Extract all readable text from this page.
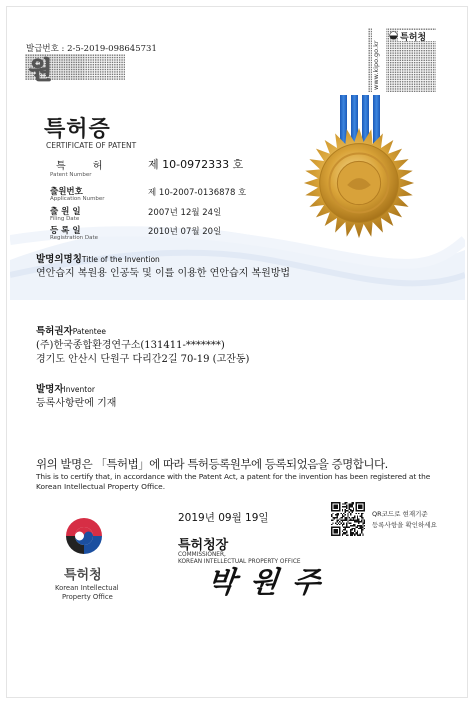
발급번호 : 2-5-2019-098645731
원	www.kipo.go.kr
특허청
특허증
CERTIFICATE OF PATENT
특 허	제 10-0972333 호
Patent Number
출원번호	제 10-2007-0136878 호
Application Number
출 원 일	2007년 12월 24일
Filing Date
등 록 일	2010년 07월 20일
Registration Date
발명의명칭Title of the Invention
연안습지 복원용 인공둑 및 이를 이용한 연안습지 복원방법
특허권자Patentee
(주)한국종합환경연구소(131411-*******)
경기도 안산시 단원구 다리간2길 70-19 (고잔동)
발명자Inventor
등록사항란에 기재
위의 발명은 「특허법」에 따라 특허등록원부에 등록되었음을 증명합니다.
This is to certify that, in accordance with the Patent Act, a patent for the invention has been registered at the
Korean Intellectual Property Office.
특허청
Korean Intellectual
Property Office
2019년 09월 19일	QR코드로 현재기준
등록사항을 확인하세요
특허청장
COMMISSIONER,
KOREAN INTELLECTUAL PROPERTY OFFICE
박 원 주
